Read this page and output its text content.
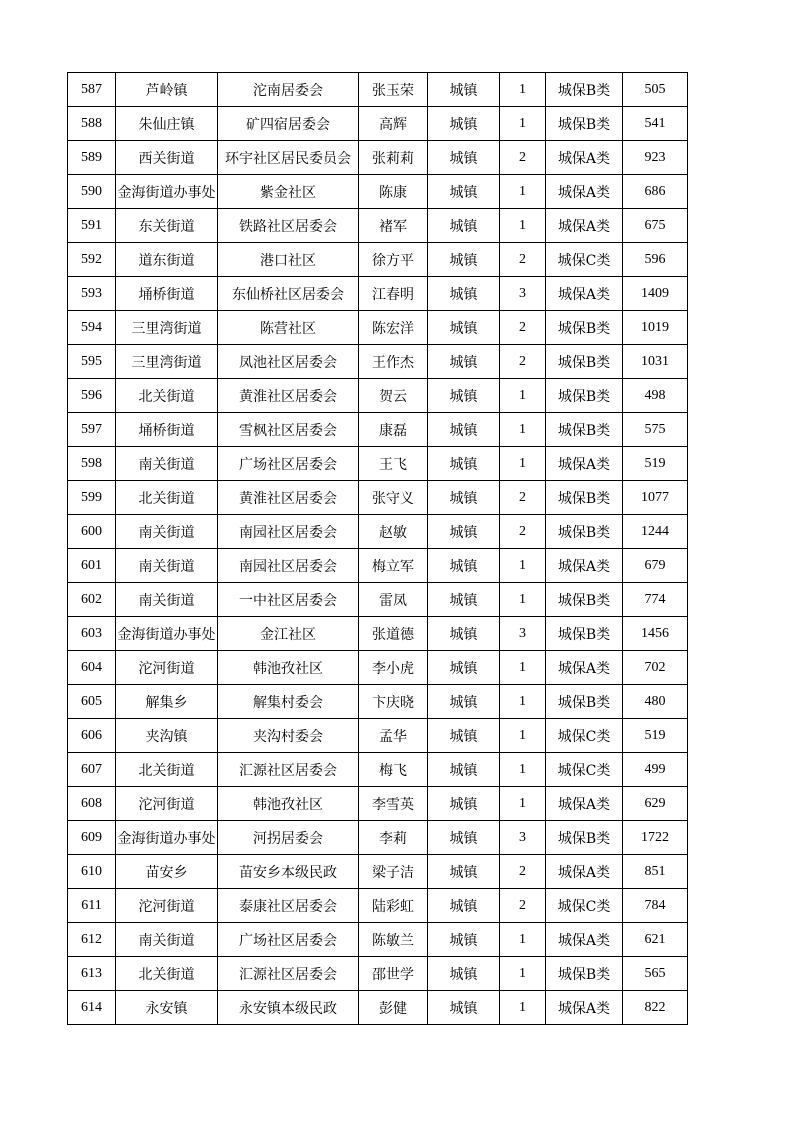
587	芦岭镇	沱南居委会	张玉荣	城镇	1	城保B类	505
588	朱仙庄镇	矿四宿居委会	高辉	城镇	1	城保B类	541
589	西关街道	环宇社区居民委员会	张莉莉	城镇	2	城保A类	923
590	金海街道办事处	紫金社区	陈康	城镇	1	城保A类	686
591	东关街道	铁路社区居委会	褚军	城镇	1	城保A类	675
592	道东街道	港口社区	徐方平	城镇	2	城保C类	596
593	埇桥街道	东仙桥社区居委会	江春明	城镇	3	城保A类	1409
594	三里湾街道	陈营社区	陈宏洋	城镇	2	城保B类	1019
595	三里湾街道	凤池社区居委会	王作杰	城镇	2	城保B类	1031
596	北关街道	黄淮社区居委会	贺云	城镇	1	城保B类	498
597	埇桥街道	雪枫社区居委会	康磊	城镇	1	城保B类	575
598	南关街道	广场社区居委会	王飞	城镇	1	城保A类	519
599	北关街道	黄淮社区居委会	张守义	城镇	2	城保B类	1077
600	南关街道	南园社区居委会	赵敏	城镇	2	城保B类	1244
601	南关街道	南园社区居委会	梅立军	城镇	1	城保A类	679
602	南关街道	一中社区居委会	雷凤	城镇	1	城保B类	774
603	金海街道办事处	金江社区	张道德	城镇	3	城保B类	1456
604	沱河街道	韩池孜社区	李小虎	城镇	1	城保A类	702
605	解集乡	解集村委会	卞庆晓	城镇	1	城保B类	480
606	夹沟镇	夹沟村委会	孟华	城镇	1	城保C类	519
607	北关街道	汇源社区居委会	梅飞	城镇	1	城保C类	499
608	沱河街道	韩池孜社区	李雪英	城镇	1	城保A类	629
609	金海街道办事处	河拐居委会	李莉	城镇	3	城保B类	1722
610	苗安乡	苗安乡本级民政	梁子洁	城镇	2	城保A类	851
611	沱河街道	泰康社区居委会	陆彩虹	城镇	2	城保C类	784
612	南关街道	广场社区居委会	陈敏兰	城镇	1	城保A类	621
613	北关街道	汇源社区居委会	邵世学	城镇	1	城保B类	565
614	永安镇	永安镇本级民政	彭健	城镇	1	城保A类	822
